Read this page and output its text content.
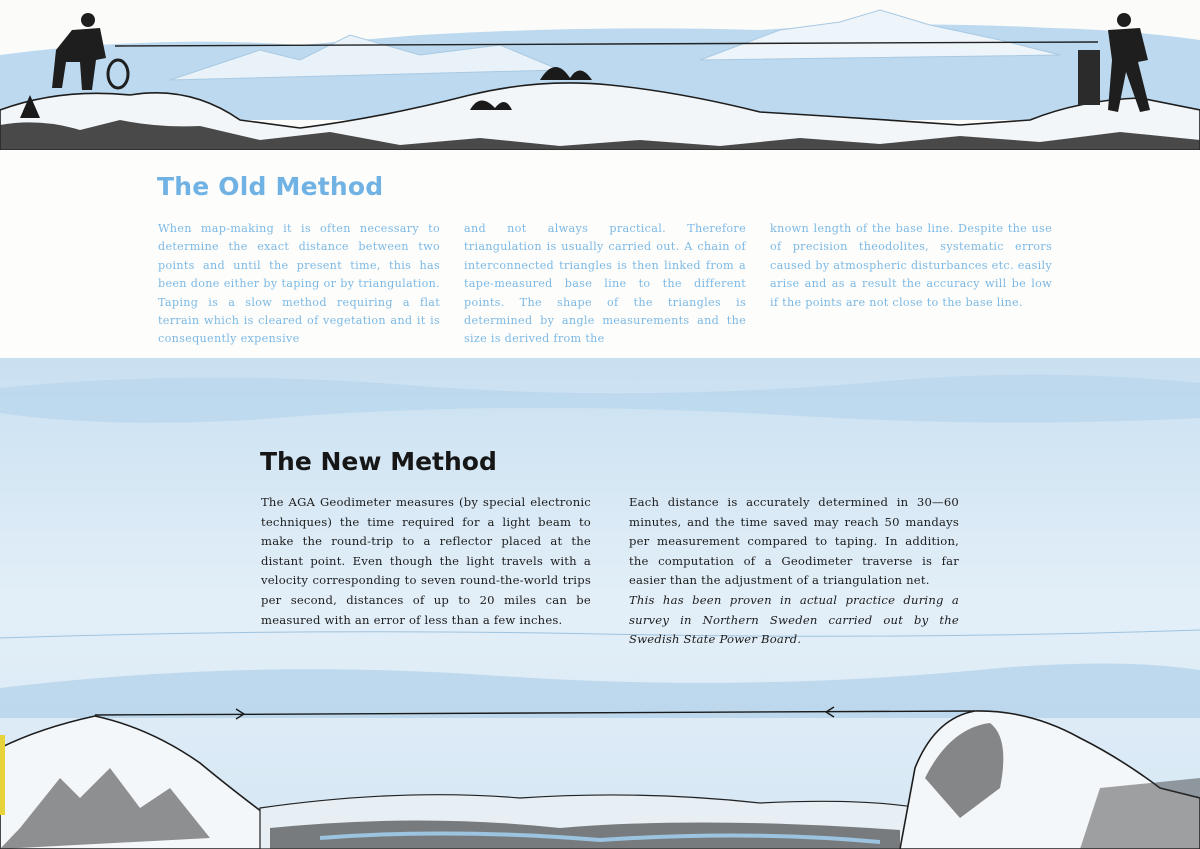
The Old Method
When map-making it is often necessary to determine the exact distance between two points and until the present time, this has been done either by taping or by triangulation. Taping is a slow method requiring a flat terrain which is cleared of vegetation and it is consequently expensive
and not always practical. Therefore triangulation is usually carried out. A chain of interconnected triangles is then linked from a tape-measured base line to the different points. The shape of the triangles is determined by angle measurements and the size is derived from the
known length of the base line. Despite the use of precision theodolites, systematic errors caused by atmospheric disturbances etc. easily arise and as a result the accuracy will be low if the points are not close to the base line.
The New Method

The AGA Geodimeter measures (by special electronic techniques) the time required for a light beam to make the round-trip to a reflector placed at the distant point. Even though the light travels with a velocity corresponding to seven round-the-world trips per second, distances of up to 20 miles can be measured with an error of less than a few inches.

Each distance is accurately determined in 30—60 minutes, and the time saved may reach 50 mandays per measurement compared to taping. In addition, the computation of a Geodimeter traverse is far easier than the adjustment of a triangulation net.

This has been proven in actual practice during a survey in Northern Sweden carried out by the Swedish State Power Board.
